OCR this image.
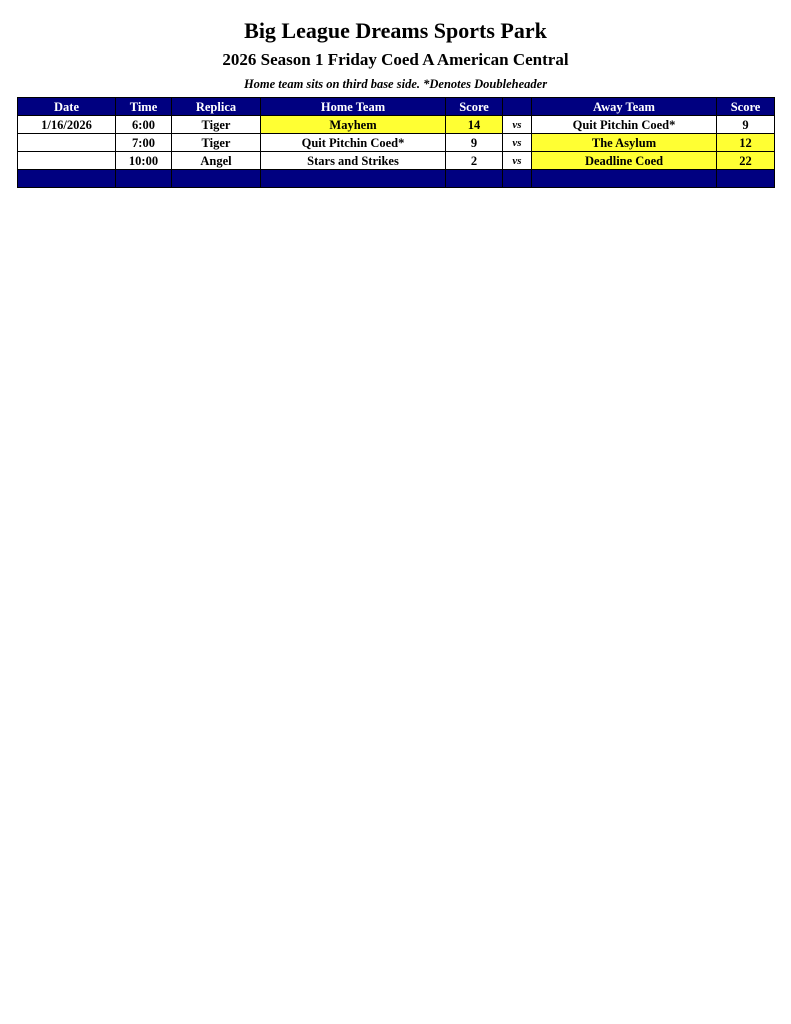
Big League Dreams Sports Park
2026 Season 1 Friday Coed A American Central
Home team sits on third base side. *Denotes Doubleheader
Date	Time	Replica	Home Team	Score		Away Team	Score
1/16/2026	6:00	Tiger	Mayhem	14	vs	Quit Pitchin Coed*	9
	7:00	Tiger	Quit Pitchin Coed*	9	vs	The Asylum	12
	10:00	Angel	Stars and Strikes	2	vs	Deadline Coed	22
